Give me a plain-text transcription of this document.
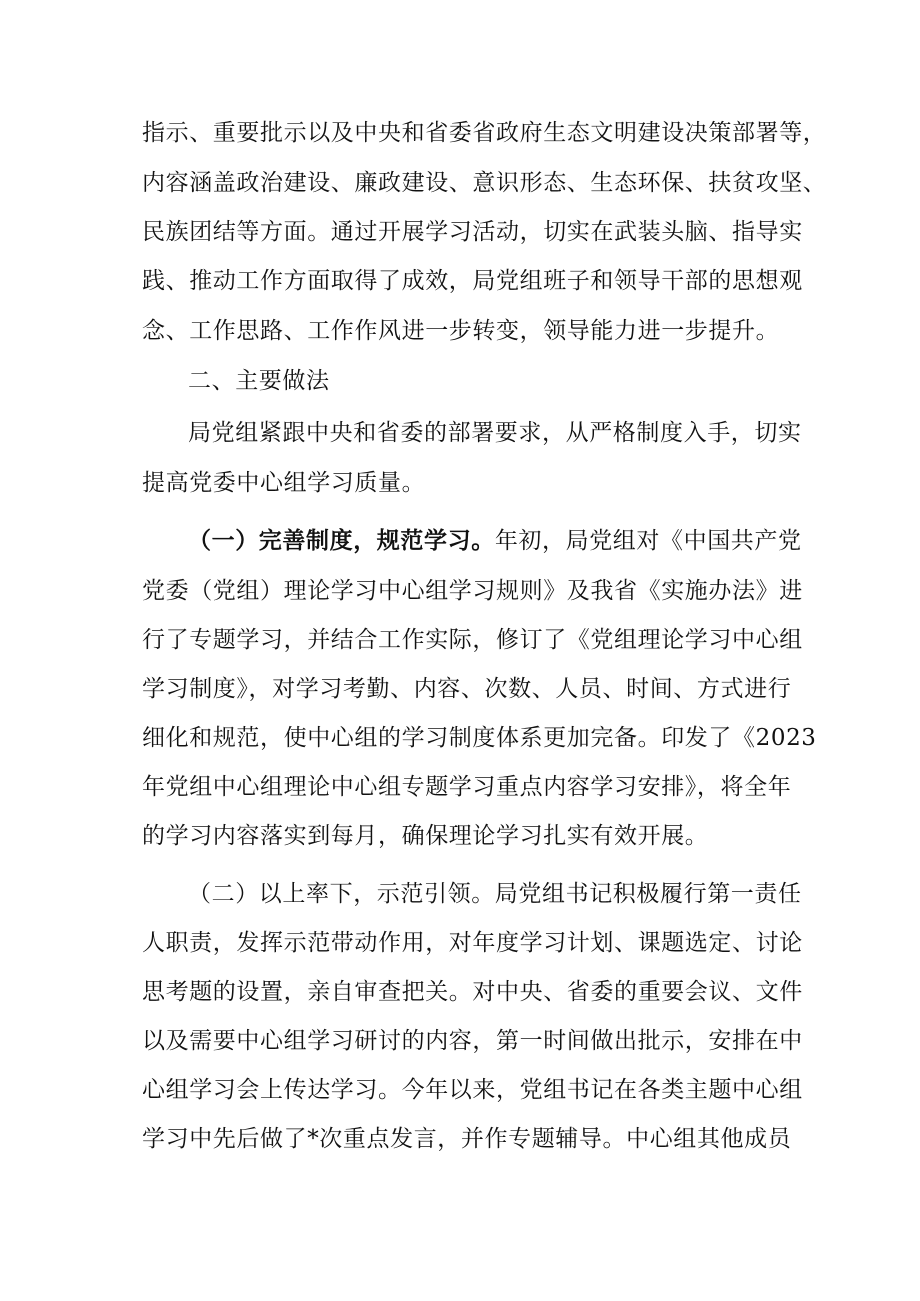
指示、重要批示以及中央和省委省政府生态文明建设决策部署等，
内容涵盖政治建设、廉政建设、意识形态、生态环保、扶贫攻坚、
民族团结等方面。通过开展学习活动，切实在武装头脑、指导实
践、推动工作方面取得了成效，局党组班子和领导干部的思想观
念、工作思路、工作作风进一步转变，领导能力进一步提升。
二、主要做法
局党组紧跟中央和省委的部署要求，从严格制度入手，切实
提高党委中心组学习质量。
（一）完善制度，规范学习。年初，局党组对《中国共产党
党委（党组）理论学习中心组学习规则》及我省《实施办法》进
行了专题学习，并结合工作实际，修订了《党组理论学习中心组
学习制度》，对学习考勤、内容、次数、人员、时间、方式进行
细化和规范，使中心组的学习制度体系更加完备。印发了《2023
年党组中心组理论中心组专题学习重点内容学习安排》，将全年
的学习内容落实到每月，确保理论学习扎实有效开展。
（二）以上率下，示范引领。局党组书记积极履行第一责任
人职责，发挥示范带动作用，对年度学习计划、课题选定、讨论
思考题的设置，亲自审查把关。对中央、省委的重要会议、文件
以及需要中心组学习研讨的内容，第一时间做出批示，安排在中
心组学习会上传达学习。今年以来，党组书记在各类主题中心组
学习中先后做了*次重点发言，并作专题辅导。中心组其他成员
